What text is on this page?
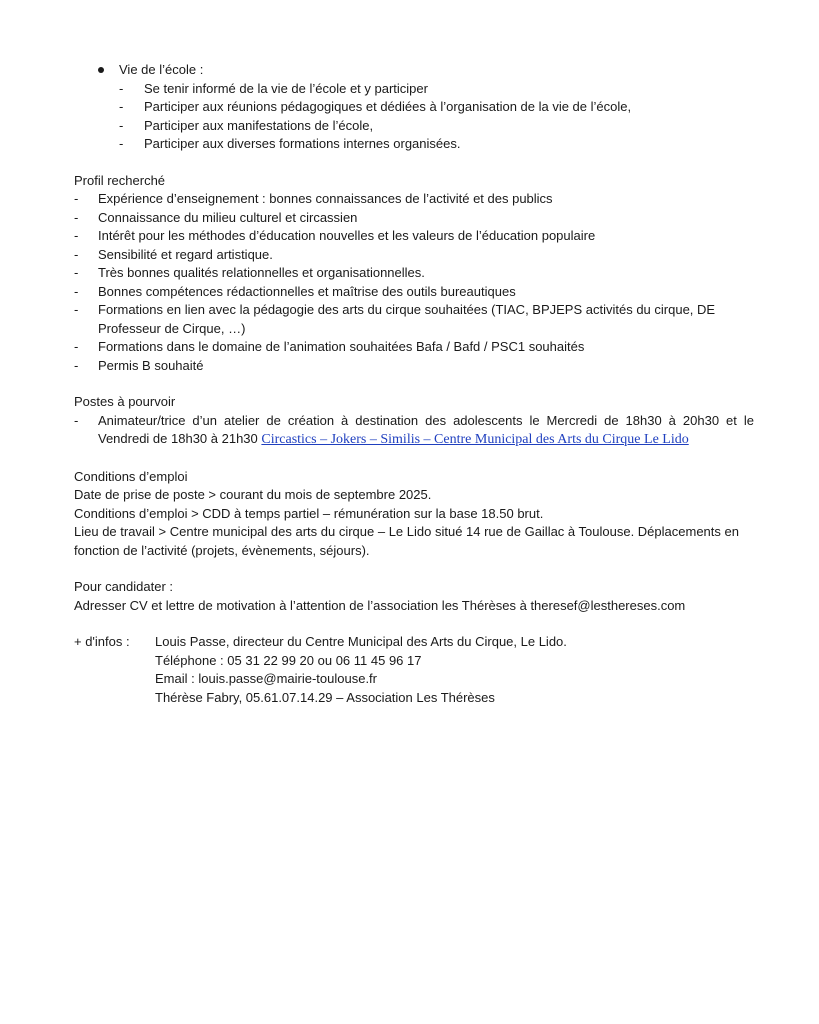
Vie de l’école :
- Se tenir informé de la vie de l’école et y participer
- Participer aux réunions pédagogiques et dédiées à l’organisation de la vie de l’école,
- Participer aux manifestations de l’école,
- Participer aux diverses formations internes organisées.
Profil recherché
- Expérience d’enseignement : bonnes connaissances de l’activité et des publics
- Connaissance du milieu culturel et circassien
- Intérêt pour les méthodes d’éducation nouvelles et les valeurs de l’éducation populaire
- Sensibilité et regard artistique.
- Très bonnes qualités relationnelles et organisationnelles.
- Bonnes compétences rédactionnelles et maîtrise des outils bureautiques
- Formations en lien avec la pédagogie des arts du cirque souhaitées (TIAC, BPJEPS activités du cirque, DE Professeur de Cirque, …)
- Formations dans le domaine de l’animation souhaitées Bafa / Bafd / PSC1 souhaités
- Permis B souhaité
Postes à pourvoir
- Animateur/trice d’un atelier de création à destination des adolescents le Mercredi de 18h30 à 20h30 et le Vendredi de 18h30 à 21h30 Circastics – Jokers – Similis – Centre Municipal des Arts du Cirque Le Lido
Conditions d’emploi

Date de prise de poste > courant du mois de septembre 2025.

Conditions d’emploi > CDD à temps partiel – rémunération sur la base 18.50 brut.

Lieu de travail > Centre municipal des arts du cirque – Le Lido situé 14 rue de Gaillac à Toulouse. Déplacements en fonction de l’activité (projets, évènements, séjours).

Pour candidater :

Adresser CV et lettre de motivation à l’attention de l’association les Thérèses à theresef@lesthereses.com

+ d'infos :	Louis Passe, directeur du Centre Municipal des Arts du Cirque, Le Lido.

Téléphone : 05 31 22 99 20 ou 06 11 45 96 17

Email : louis.passe@mairie-toulouse.fr

Thérèse Fabry, 05.61.07.14.29 – Association Les Thérèses
